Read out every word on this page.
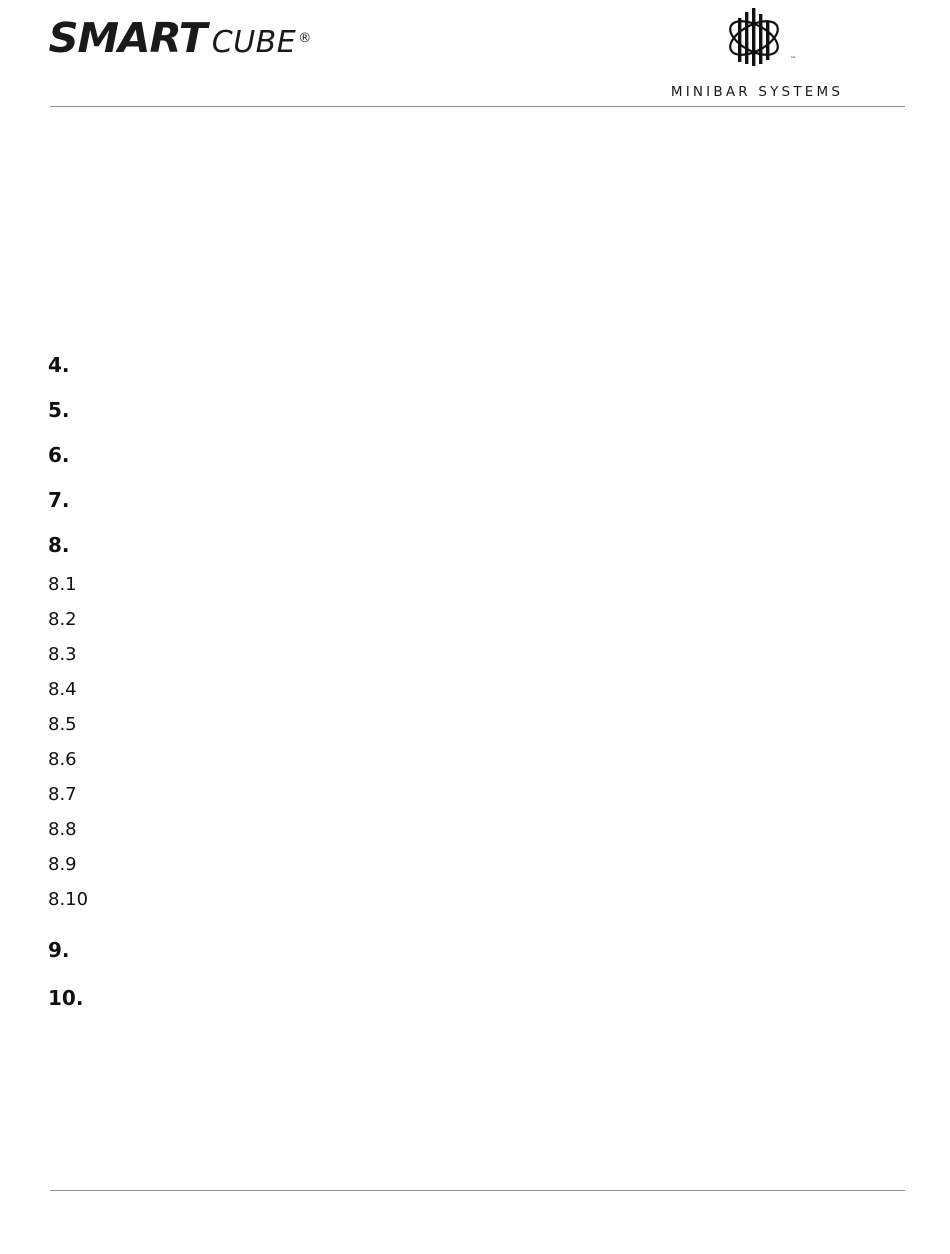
SMART CUBE ®
™
MINIBAR SYSTEMS
4.
5.
6.
7.
8.
8.1
8.2
8.3
8.4
8.5
8.6
8.7
8.8
8.9
8.10
9.
10.
